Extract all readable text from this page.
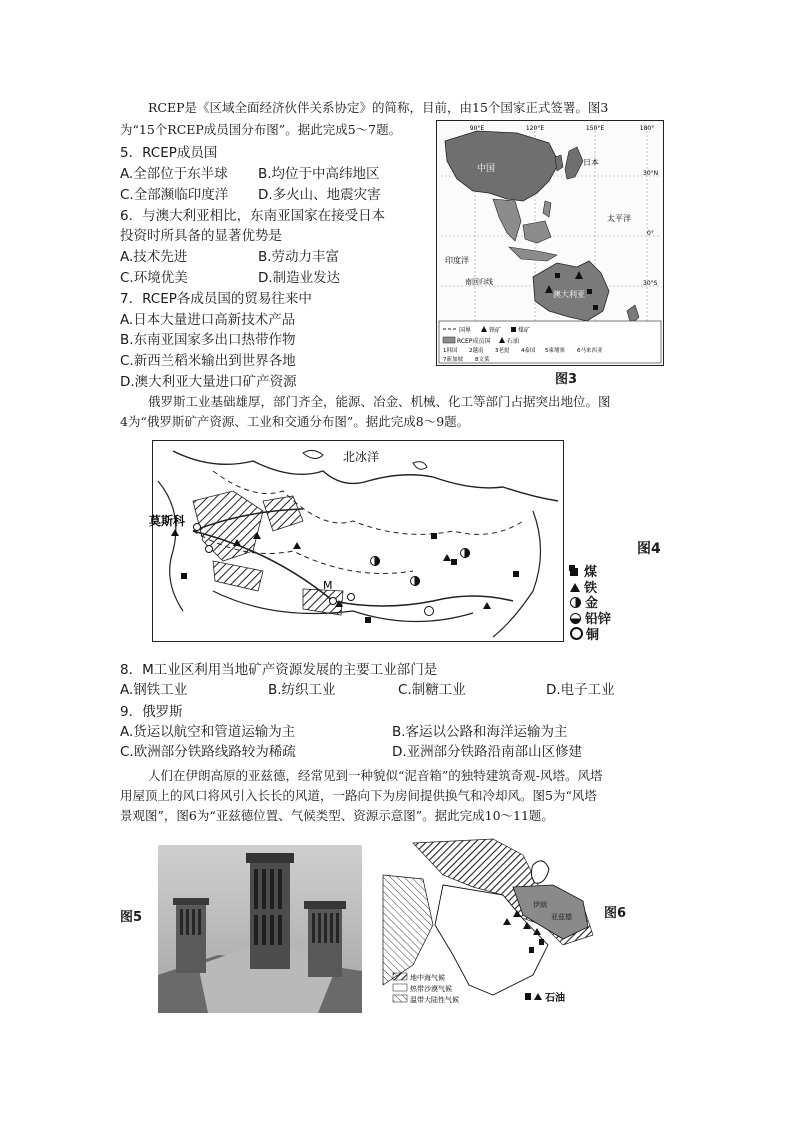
RCEP是《区域全面经济伙伴关系协定》的简称，目前，由15个国家正式签署。图3
为“15个RCEP成员国分布图”。据此完成5～7题。
5．RCEP成员国
A.全部位于东半球 B.均位于中高纬地区
C.全部濒临印度洋 D.多火山、地震灾害
6．与澳大利亚相比，东南亚国家在接受日本
投资时所具备的显著优势是
A.技术先进	B.劳动力丰富
C.环境优美	D.制造业发达
7．RCEP各成员国的贸易往来中
A.日本大量进口高新技术产品
B.东南亚国家多出口热带作物
C.新西兰稻米输出到世界各地
D.澳大利亚大量进口矿产资源
中国
日本
太平洋
印度洋
澳大利亚
南回归线
90°E	120°E	150°E	180°
30°N
0°
30°S
国界	铁矿	煤矿
RCEP成员国	石油
1韩国 2越南 3老挝 4泰国 5柬埔寨 6马来西亚
7新加坡 8文莱
图3
俄罗斯工业基础雄厚，部门齐全，能源、冶金、机械、化工等部门占据突出地位。图
4为“俄罗斯矿产资源、工业和交通分布图”。据此完成8～9题。
北冰洋
莫斯科
M
图4
煤
铁
金
铅锌
铜
8．M工业区利用当地矿产资源发展的主要工业部门是
A.钢铁工业	B.纺织工业	C.制糖工业	D.电子工业
9．俄罗斯
A.货运以航空和管道运输为主	B.客运以公路和海洋运输为主
C.欧洲部分铁路线路较为稀疏	D.亚洲部分铁路沿南部山区修建
人们在伊朗高原的亚兹德，经常见到一种貌似“泥音箱”的独特建筑奇观-风塔。风塔
用屋顶上的风口将风引入长长的风道，一路向下为房间提供换气和冷却风。图5为“风塔
景观图”，图6为“亚兹德位置、气候类型、资源示意图”。据此完成10～11题。
图5
伊朗
亚兹德
地中海气候
热带沙漠气候
温带大陆性气候	石油
图6
